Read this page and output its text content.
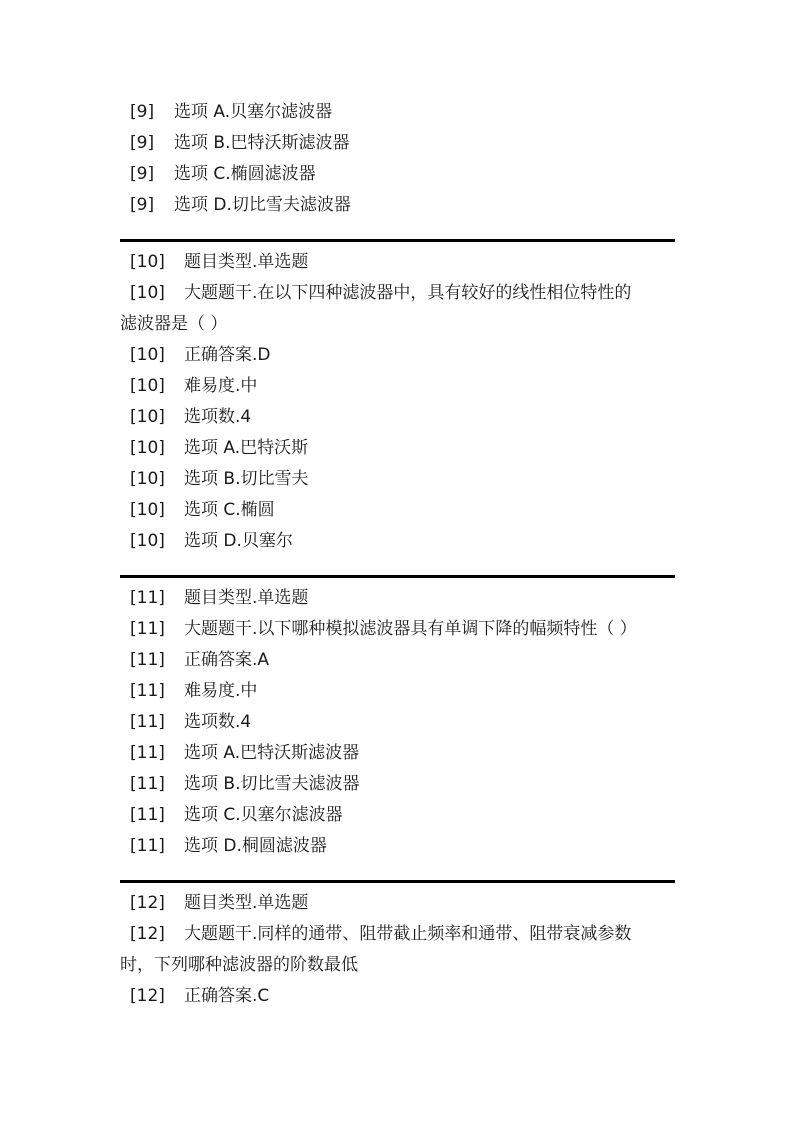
[9] 选项 A.贝塞尔滤波器
[9] 选项 B.巴特沃斯滤波器
[9] 选项 C.椭圆滤波器
[9] 选项 D.切比雪夫滤波器
[10] 题目类型.单选题
[10] 大题题干.在以下四种滤波器中，具有较好的线性相位特性的
滤波器是（ ）
[10] 正确答案.D
[10] 难易度.中
[10] 选项数.4
[10] 选项 A.巴特沃斯
[10] 选项 B.切比雪夫
[10] 选项 C.椭圆
[10] 选项 D.贝塞尔
[11] 题目类型.单选题
[11] 大题题干.以下哪种模拟滤波器具有单调下降的幅频特性（ ）
[11] 正确答案.A
[11] 难易度.中
[11] 选项数.4
[11] 选项 A.巴特沃斯滤波器
[11] 选项 B.切比雪夫滤波器
[11] 选项 C.贝塞尔滤波器
[11] 选项 D.桐圆滤波器
[12] 题目类型.单选题
[12] 大题题干.同样的通带、阻带截止频率和通带、阻带衰减参数
时，下列哪种滤波器的阶数最低
[12] 正确答案.C
